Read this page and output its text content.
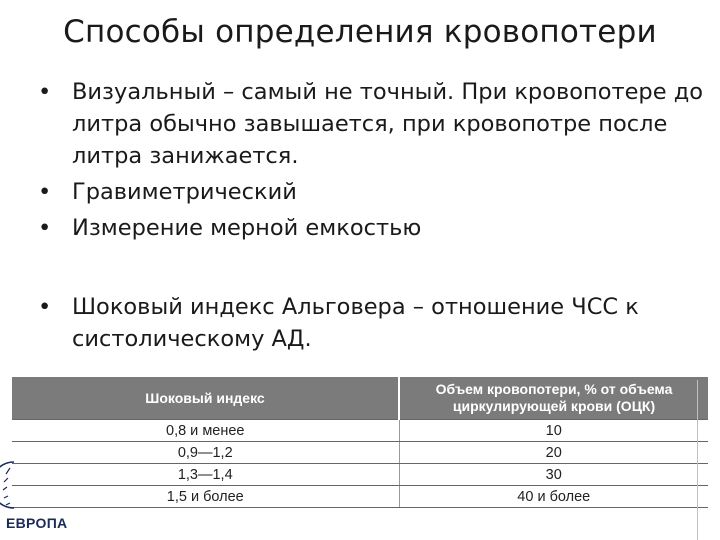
Способы определения кровопотери
• Визуальный – самый не точный. При кровопотере до литра обычно завышается, при кровопотре после литра занижается.
• Гравиметрический
• Измерение мерной емкостью
• Шоковый индекс Альговера – отношение ЧСС к систолическому АД.
Шоковый индекс	Объем кровопотери, % от объема циркулирующей крови (ОЦК)
0,8 и менее	10
0,9—1,2	20
1,3—1,4	30
1,5 и более	40 и более
ЕВРОПА
